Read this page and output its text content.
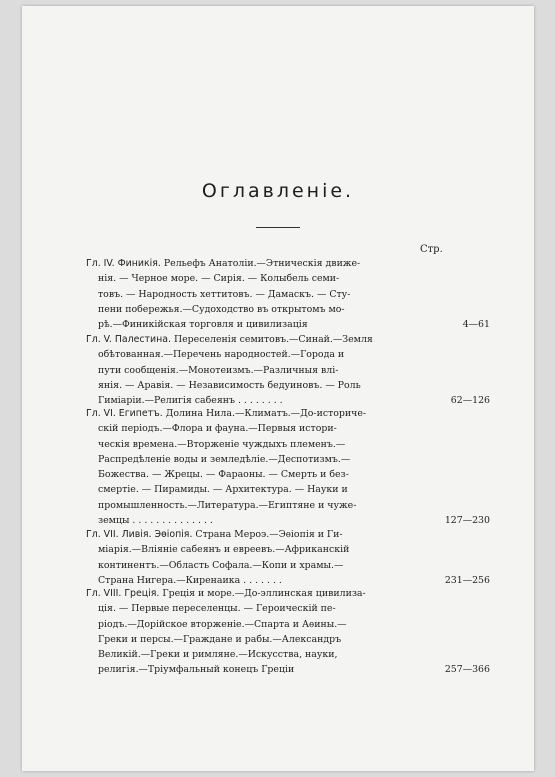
Оглавленіе.
Стр.
Гл. IV. Финикія. Рельефъ Анатоліи.—Этническія движе-
нія. — Черное море. — Сирія. — Колыбель семи-
товъ. — Народность хеттитовъ. — Дамаскъ. — Сту-
пени побережья.—Судоходство въ открытомъ мо-
рѣ.—Финикійская торговля и цивилизація	4—61
Гл. V. Палестина. Переселенія семитовъ.—Синай.—Земля
обѣтованная.—Перечень народностей.—Города и
пути сообщенія.—Монотеизмъ.—Различныя влі-
янія. — Аравія. — Независимость бедуиновъ. — Роль
Гимiаріи.—Религія сабеянъ . . . . . . . .	62—126
Гл. VI. Египетъ. Долина Нила.—Климатъ.—До-историче-
скій періодъ.—Флора и фауна.—Первыя истори-
ческія времена.—Вторженіе чуждыхъ племенъ.—
Распредѣленіе воды и земледѣліе.—Деспотизмъ.—
Божества. — Жрецы. — Фараоны. — Смерть и без-
смертіе. — Пирамиды. — Архитектура. — Науки и
промышленность.—Литература.—Египтяне и чуже-
земцы . . . . . . . . . . . . . .	127—230
Гл. VII. Ливія. Эѳіопія. Страна Мероэ.—Эѳіопія и Ги-
міарія.—Вліяніе сабеянъ и евреевъ.—Африканскій
континентъ.—Область Софала.—Копи и храмы.—
Страна Нигера.—Киренаика . . . . . . .	231—256
Гл. VIII. Греція. Греція и море.—До-эллинская цивилиза-
ція. — Первые переселенцы. — Героическій пе-
ріодъ.—Дорійское вторженіе.—Спарта и Аѳины.—
Греки и персы.—Граждане и рабы.—Александръ
Великій.—Греки и римляне.—Искусства, науки,
религія.—Тріумфальный конецъ Греціи	257—366
